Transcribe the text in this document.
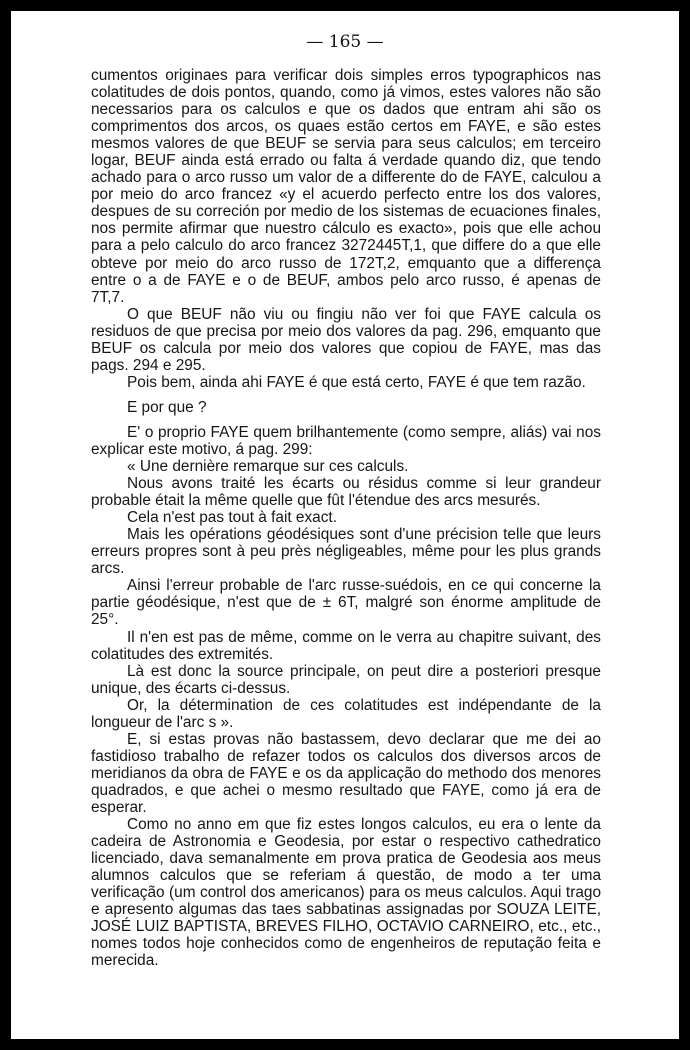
— 165 —

cumentos originaes para verificar dois simples erros typographicos nas colatitudes de dois pontos, quando, como já vimos, estes valores não são necessarios para os calculos e que os dados que entram ahi são os comprimentos dos arcos, os quaes estão certos em FAYE, e são estes mesmos valores de que BEUF se servia para seus calculos; em terceiro logar, BEUF ainda está errado ou falta á verdade quando diz, que tendo achado para o arco russo um valor de a differente do de FAYE, calculou a por meio do arco francez «y el acuerdo perfecto entre los dos valores, despues de su correción por medio de los sistemas de ecuaciones finales, nos permite afirmar que nuestro cálculo es exacto», pois que elle achou para a pelo calculo do arco francez 3272445T,1, que differe do a que elle obteve por meio do arco russo de 172T,2, emquanto que a differença entre o a de FAYE e o de BEUF, ambos pelo arco russo, é apenas de 7T,7.

O que BEUF não viu ou fingiu não ver foi que FAYE calcula os residuos de que precisa por meio dos valores da pag. 296, emquanto que BEUF os calcula por meio dos valores que copiou de FAYE, mas das pags. 294 e 295.

Pois bem, ainda ahi FAYE é que está certo, FAYE é que tem razão.

E por que ?

E' o proprio FAYE quem brilhantemente (como sempre, aliás) vai nos explicar este motivo, á pag. 299:

« Une dernière remarque sur ces calculs.

Nous avons traité les écarts ou résidus comme si leur grandeur probable était la même quelle que fût l'étendue des arcs mesurés.

Cela n'est pas tout à fait exact.

Mais les opérations géodésiques sont d'une précision telle que leurs erreurs propres sont à peu près négligeables, même pour les plus grands arcs.

Ainsi l'erreur probable de l'arc russe-suédois, en ce qui concerne la partie géodésique, n'est que de ± 6T, malgré son énorme amplitude de 25°.

Il n'en est pas de même, comme on le verra au chapitre suivant, des colatitudes des extremités.

Là est donc la source principale, on peut dire a posteriori presque unique, des écarts ci-dessus.

Or, la détermination de ces colatitudes est indépendante de la longueur de l'arc s ».

E, si estas provas não bastassem, devo declarar que me dei ao fastidioso trabalho de refazer todos os calculos dos diversos arcos de meridianos da obra de FAYE e os da applicação do methodo dos menores quadrados, e que achei o mesmo resultado que FAYE, como já era de esperar.

Como no anno em que fiz estes longos calculos, eu era o lente da cadeira de Astronomia e Geodesia, por estar o respectivo cathedratico licenciado, dava semanalmente em prova pratica de Geodesia aos meus alumnos calculos que se referiam á questão, de modo a ter uma verificação (um control dos americanos) para os meus calculos. Aqui trago e apresento algumas das taes sabbatinas assignadas por SOUZA LEITE, JOSÉ LUIZ BAPTISTA, BREVES FILHO, OCTAVIO CARNEIRO, etc., etc., nomes todos hoje conhecidos como de engenheiros de reputação feita e merecida.
